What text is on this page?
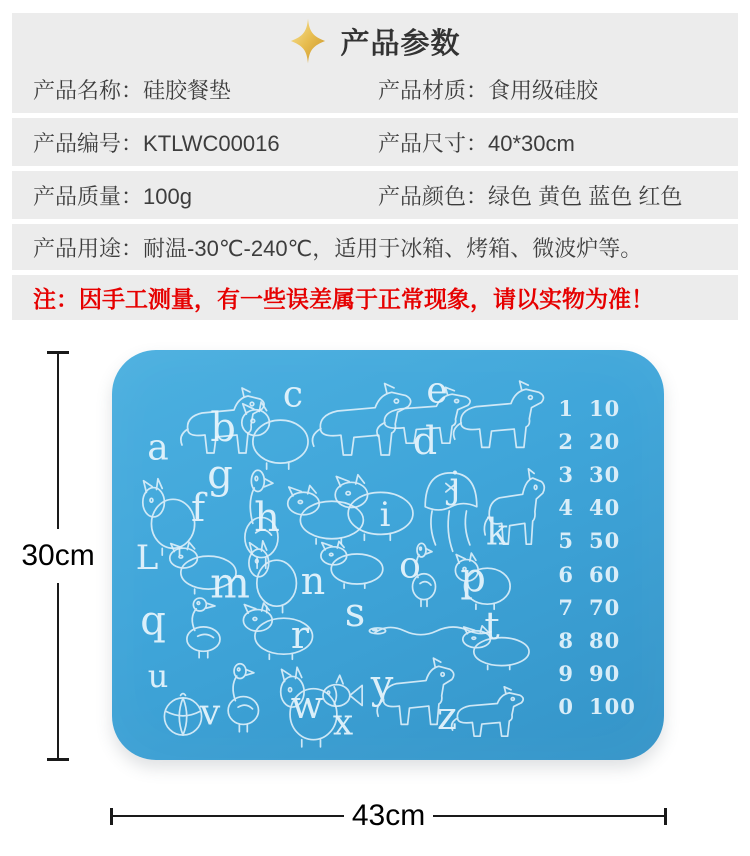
产品参数
产品名称：硅胶餐垫	产品材质：食用级硅胶
产品编号：KTLWC00016	产品尺寸：40*30cm
产品质量：100g	产品颜色：绿色 黄色 蓝色 红色
产品用途：耐温-30℃-240℃，适用于冰箱、烤箱、微波炉等。
注：因手工测量，有一些误差属于正常现象，请以实物为准！
30cm
1 10
2 20
3 30
4 40
5 50
6 60
7 70
8 80
9 90
0 100
a b
c
d
e
f
g
h	i
j
k
L
m n o p
q	r s	t
u
v w x
y
z
43cm
